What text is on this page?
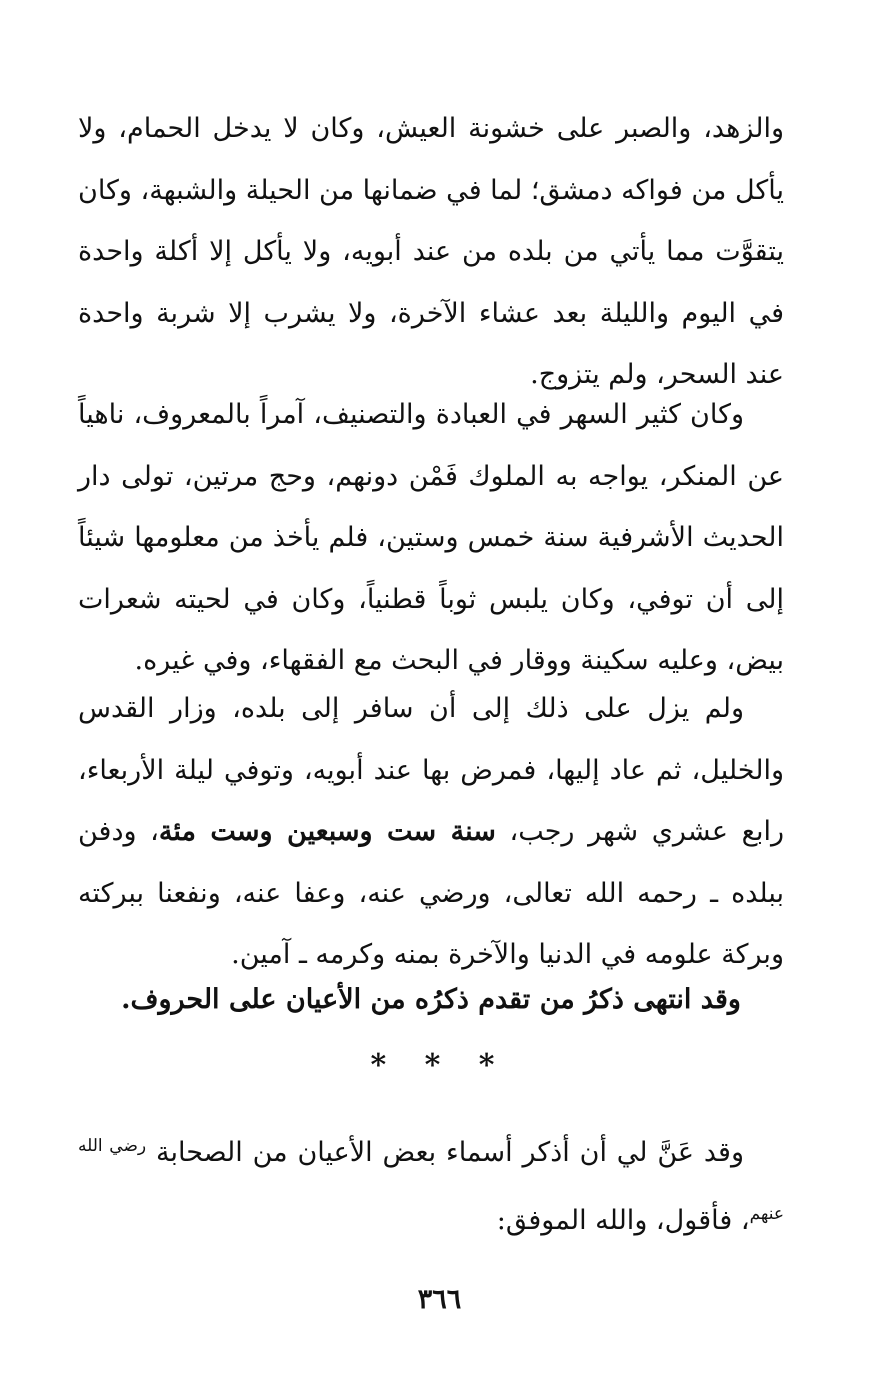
والزهد، والصبر على خشونة العيش، وكان لا يدخل الحمام، ولا يأكل من فواكه دمشق؛ لما في ضمانها من الحيلة والشبهة، وكان يتقوَّت مما يأتي من بلده من عند أبويه، ولا يأكل إلا أكلة واحدة في اليوم والليلة بعد عشاء الآخرة، ولا يشرب إلا شربة واحدة عند السحر، ولم يتزوج.

وكان كثير السهر في العبادة والتصنيف، آمراً بالمعروف، ناهياً عن المنكر، يواجه به الملوك فَمْن دونهم، وحج مرتين، تولى دار الحديث الأشرفية سنة خمس وستين، فلم يأخذ من معلومها شيئاً إلى أن توفي، وكان يلبس ثوباً قطنياً، وكان في لحيته شعرات بيض، وعليه سكينة ووقار في البحث مع الفقهاء، وفي غيره.

ولم يزل على ذلك إلى أن سافر إلى بلده، وزار القدس والخليل، ثم عاد إليها، فمرض بها عند أبويه، وتوفي ليلة الأربعاء، رابع عشري شهر رجب، سنة ست وسبعين وست مئة، ودفن ببلده ـ رحمه الله تعالى، ورضي عنه، وعفا عنه، ونفعنا ببركته وبركة علومه في الدنيا والآخرة بمنه وكرمه ـ آمين.

وقد انتهى ذكرُ من تقدم ذكرُه من الأعيان على الحروف.
* * *

وقد عَنَّ لي أن أذكر أسماء بعض الأعيان من الصحابة $^{رضي الله عنهم}$، فأقول، والله الموفق:

٣٦٦
